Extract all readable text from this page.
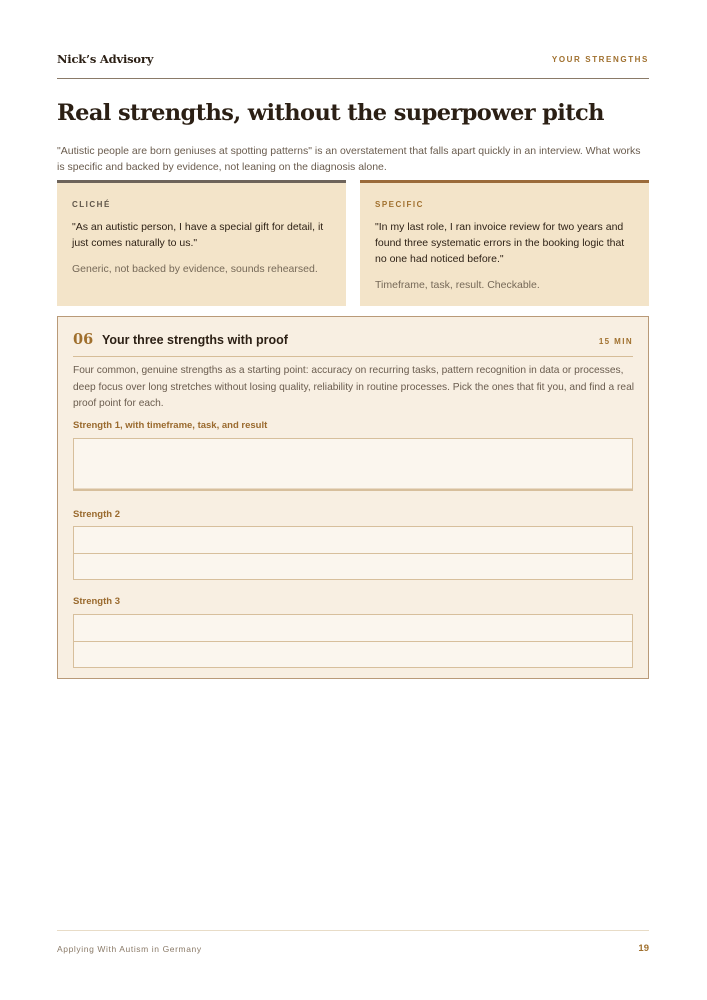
Nick’s Advisory	YOUR STRENGTHS
Real strengths, without the superpower pitch

"Autistic people are born geniuses at spotting patterns" is an overstatement that falls apart quickly in an interview. What works is specific and backed by evidence, not leaning on the diagnosis alone.

CLICHÉ

"As an autistic person, I have a special gift for detail, it just comes naturally to us."

Generic, not backed by evidence, sounds rehearsed.

SPECIFIC

"In my last role, I ran invoice review for two years and found three systematic errors in the booking logic that no one had noticed before."

Timeframe, task, result. Checkable.

06 Your three strengths with proof	15 MIN

Four common, genuine strengths as a starting point: accuracy on recurring tasks, pattern recognition in data or processes, deep focus over long stretches without losing quality, reliability in routine processes. Pick the ones that fit you, and find a real proof point for each.

Strength 1, with timeframe, task, and result
Strength 2
Strength 3
Applying With Autism in Germany	19
